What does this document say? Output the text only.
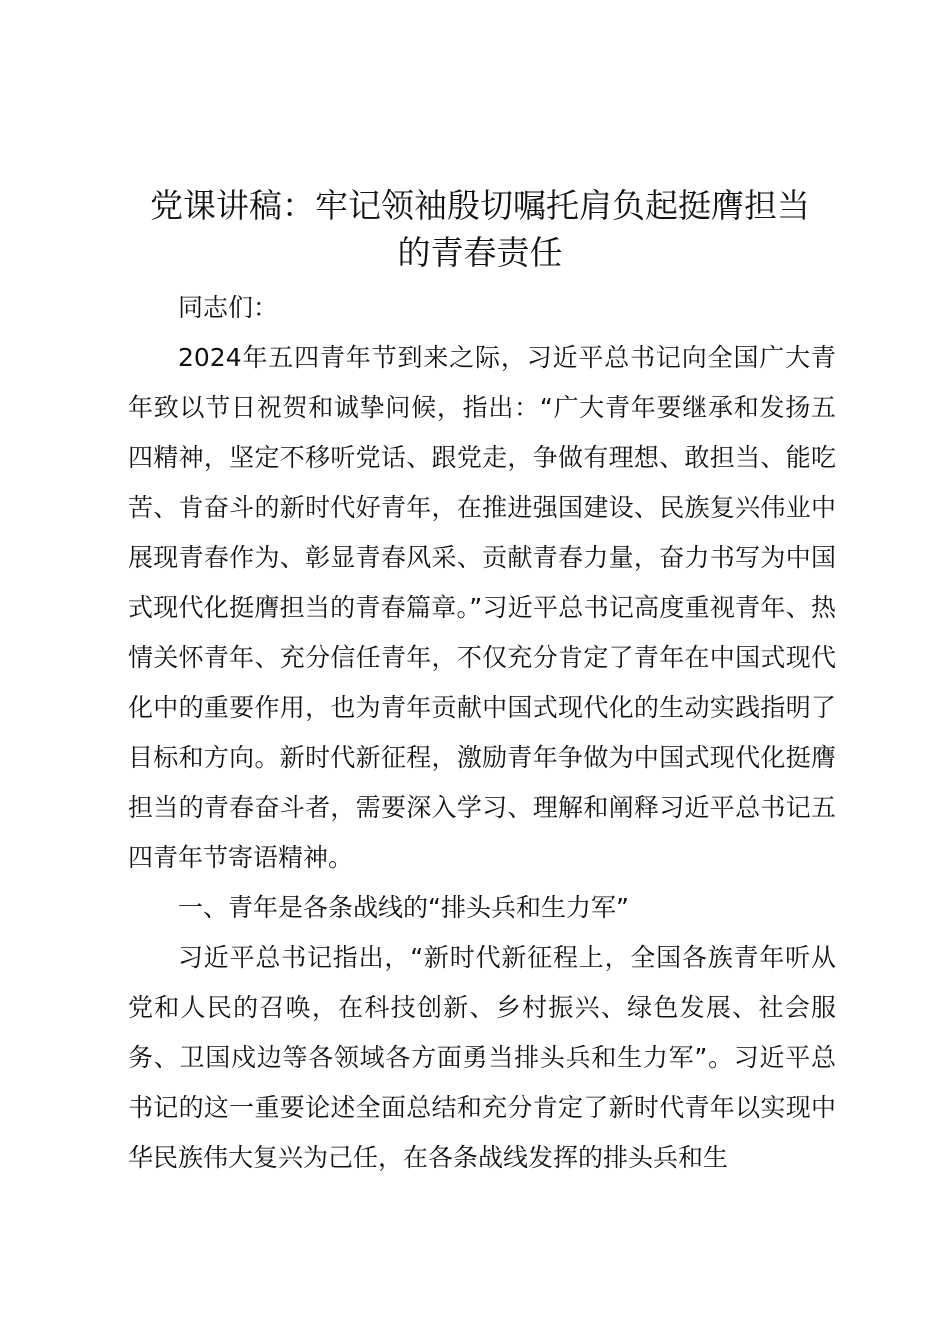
党课讲稿：牢记领袖殷切嘱托肩负起挺膺担当
的青春责任

同志们：

2024年五四青年节到来之际，习近平总书记向全国广大青年致以节日祝贺和诚挚问候，指出：“广大青年要继承和发扬五四精神，坚定不移听党话、跟党走，争做有理想、敢担当、能吃苦、肯奋斗的新时代好青年，在推进强国建设、民族复兴伟业中展现青春作为、彰显青春风采、贡献青春力量，奋力书写为中国式现代化挺膺担当的青春篇章。”习近平总书记高度重视青年、热情关怀青年、充分信任青年，不仅充分肯定了青年在中国式现代化中的重要作用，也为青年贡献中国式现代化的生动实践指明了目标和方向。新时代新征程，激励青年争做为中国式现代化挺膺担当的青春奋斗者，需要深入学习、理解和阐释习近平总书记五四青年节寄语精神。

一、青年是各条战线的“排头兵和生力军”

习近平总书记指出，“新时代新征程上，全国各族青年听从党和人民的召唤，在科技创新、乡村振兴、绿色发展、社会服务、卫国戍边等各领域各方面勇当排头兵和生力军”。习近平总书记的这一重要论述全面总结和充分肯定了新时代青年以实现中华民族伟大复兴为己任，在各条战线发挥的排头兵和生
